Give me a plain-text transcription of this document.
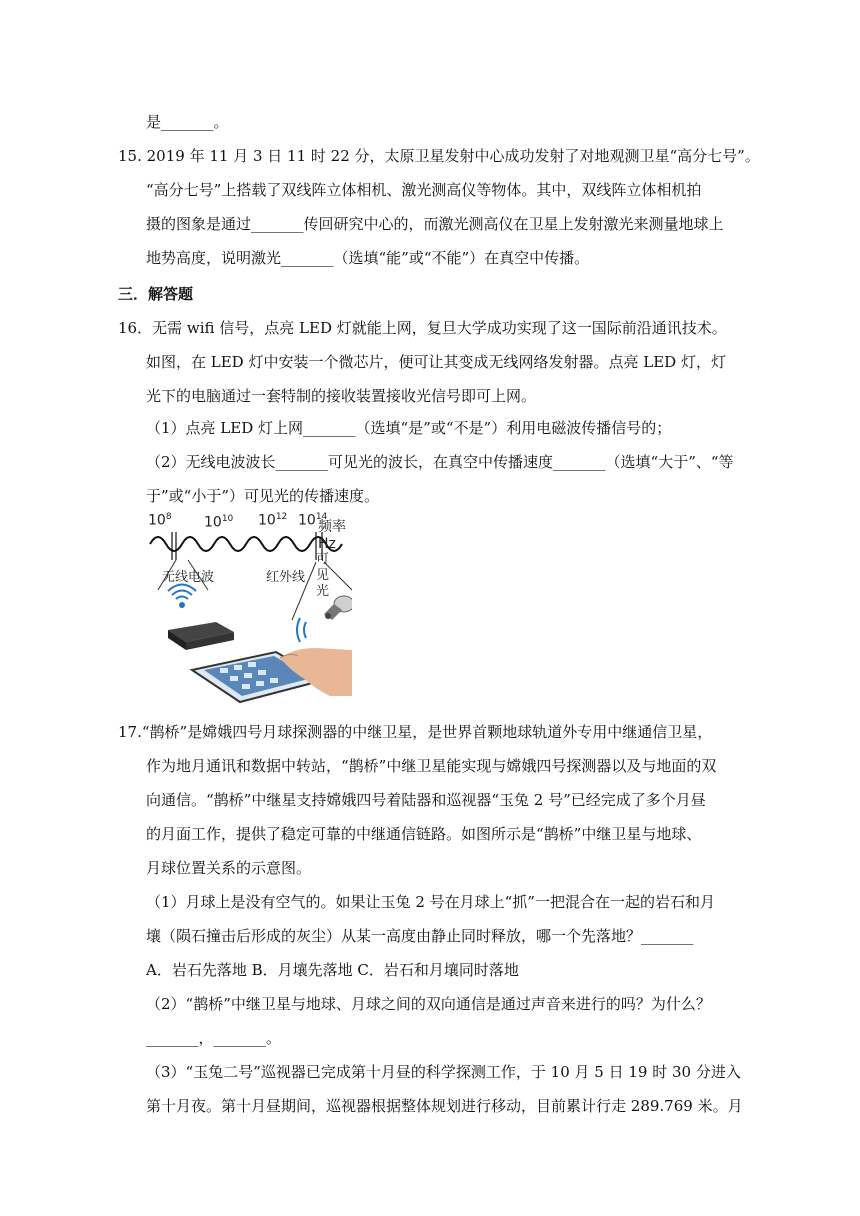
是_______。
15. 2019 年 11 月 3 日 11 时 22 分，太原卫星发射中心成功发射了对地观测卫星“高分七号”。
“高分七号”上搭载了双线阵立体相机、激光测高仪等物体。其中，双线阵立体相机拍
摄的图象是通过_______传回研究中心的，而激光测高仪在卫星上发射激光来测量地球上
地势高度，说明激光_______（选填“能”或“不能”）在真空中传播。
三．解答题
16．无需 wifi 信号，点亮 LED 灯就能上网，复旦大学成功实现了这一国际前沿通讯技术。
如图，在 LED 灯中安装一个微芯片，便可让其变成无线网络发射器。点亮 LED 灯，灯
光下的电脑通过一套特制的接收装置接收光信号即可上网。
（1）点亮 LED 灯上网_______（选填“是”或“不是”）利用电磁波传播信号的；
（2）无线电波波长_______可见光的波长，在真空中传播速度_______（选填“大于”、“等
于”或“小于”）可见光的传播速度。
17.“鹊桥”是嫦娥四号月球探测器的中继卫星，是世界首颗地球轨道外专用中继通信卫星，
作为地月通讯和数据中转站，“鹊桥”中继卫星能实现与嫦娥四号探测器以及与地面的双
向通信。“鹊桥”中继星支持嫦娥四号着陆器和巡视器“玉兔 2 号”已经完成了多个月昼
的月面工作，提供了稳定可靠的中继通信链路。如图所示是“鹊桥”中继卫星与地球、
月球位置关系的示意图。
（1）月球上是没有空气的。如果让玉兔 2 号在月球上“抓”一把混合在一起的岩石和月
壤（陨石撞击后形成的灰尘）从某一高度由静止同时释放，哪一个先落地？_______
A．岩石先落地 B．月壤先落地 C．岩石和月壤同时落地
（2）“鹊桥”中继卫星与地球、月球之间的双向通信是通过声音来进行的吗？为什么？
_______，_______。
（3）“玉兔二号”巡视器已完成第十月昼的科学探测工作，于 10 月 5 日 19 时 30 分进入
第十月夜。第十月昼期间，巡视器根据整体规划进行移动，目前累计行走 289.769 米。月
$10^8$ $10^{10}$ $10^{12}$ $10^{14}$
频率 Hz
无线电波	红外线
可
见
光
